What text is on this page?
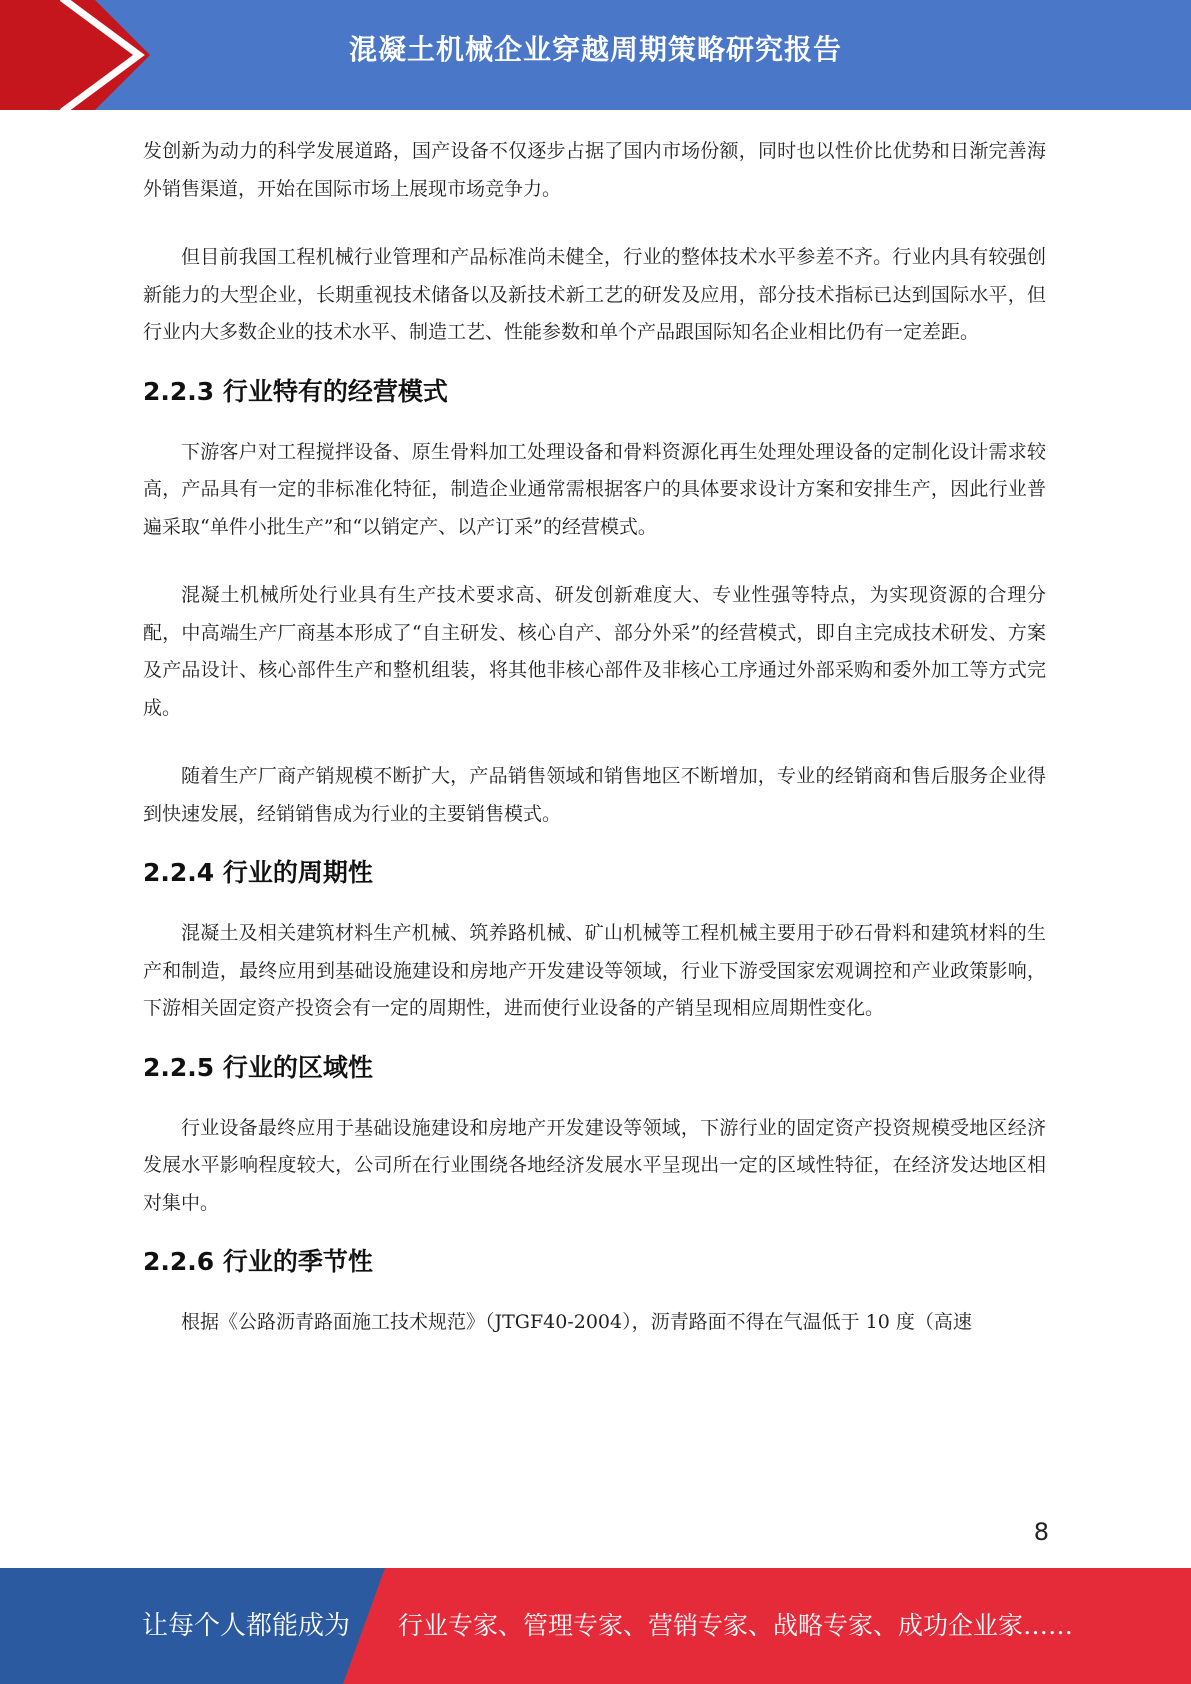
混凝土机械企业穿越周期策略研究报告

发创新为动力的科学发展道路，国产设备不仅逐步占据了国内市场份额，同时也以性价比优势和日渐完善海外销售渠道，开始在国际市场上展现市场竞争力。

但目前我国工程机械行业管理和产品标准尚未健全，行业的整体技术水平参差不齐。行业内具有较强创新能力的大型企业，长期重视技术储备以及新技术新工艺的研发及应用，部分技术指标已达到国际水平，但行业内大多数企业的技术水平、制造工艺、性能参数和单个产品跟国际知名企业相比仍有一定差距。

2.2.3 行业特有的经营模式

下游客户对工程搅拌设备、原生骨料加工处理设备和骨料资源化再生处理处理设备的定制化设计需求较高，产品具有一定的非标准化特征，制造企业通常需根据客户的具体要求设计方案和安排生产，因此行业普遍采取“单件小批生产”和“以销定产、以产订采”的经营模式。

混凝土机械所处行业具有生产技术要求高、研发创新难度大、专业性强等特点，为实现资源的合理分配，中高端生产厂商基本形成了“自主研发、核心自产、部分外采”的经营模式，即自主完成技术研发、方案及产品设计、核心部件生产和整机组装，将其他非核心部件及非核心工序通过外部采购和委外加工等方式完成。

随着生产厂商产销规模不断扩大，产品销售领域和销售地区不断增加，专业的经销商和售后服务企业得到快速发展，经销销售成为行业的主要销售模式。

2.2.4 行业的周期性

混凝土及相关建筑材料生产机械、筑养路机械、矿山机械等工程机械主要用于砂石骨料和建筑材料的生产和制造，最终应用到基础设施建设和房地产开发建设等领域，行业下游受国家宏观调控和产业政策影响，下游相关固定资产投资会有一定的周期性，进而使行业设备的产销呈现相应周期性变化。

2.2.5 行业的区域性

行业设备最终应用于基础设施建设和房地产开发建设等领域，下游行业的固定资产投资规模受地区经济发展水平影响程度较大，公司所在行业围绕各地经济发展水平呈现出一定的区域性特征，在经济发达地区相对集中。

2.2.6 行业的季节性

根据《公路沥青路面施工技术规范》（JTGF40-2004），沥青路面不得在气温低于 10 度（高速

8
让每个人都能成为 行业专家、管理专家、营销专家、战略专家、成功企业家……
